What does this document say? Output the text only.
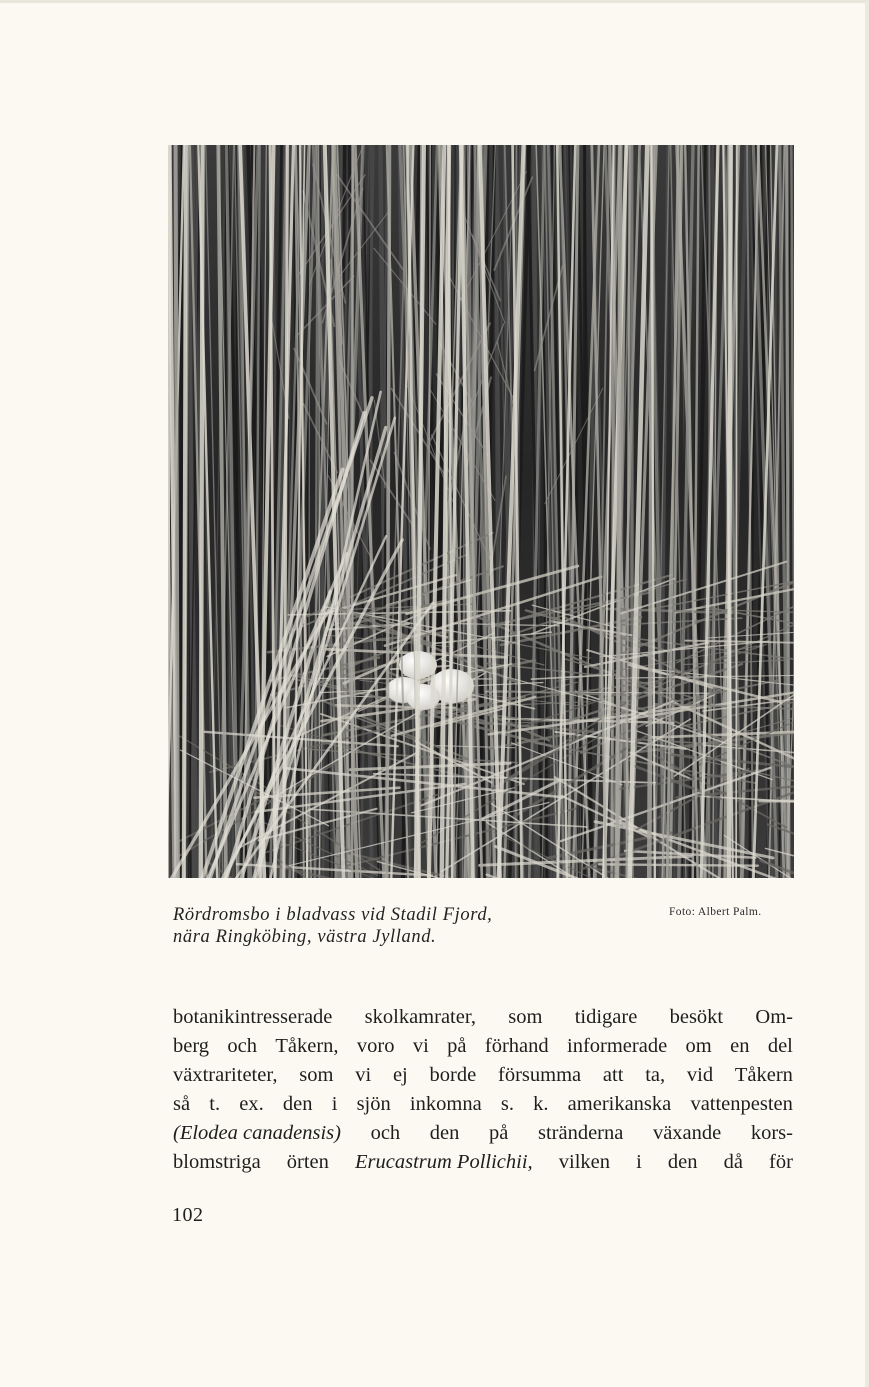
Rördromsbo i bladvass vid Stadil Fjord,
nära Ringköbing, västra Jylland.
Foto: Albert Palm.
botanikintresserade skolkamrater, som tidigare besökt Om-
berg och Tåkern, voro vi på förhand informerade om en del
växtrariteter, som vi ej borde försumma att ta, vid Tåkern
så t. ex. den i sjön inkomna s. k. amerikanska vattenpesten
(Elodea canadensis) och den på stränderna växande kors-
blomstriga örten Erucastrum Pollichii, vilken i den då för
102
